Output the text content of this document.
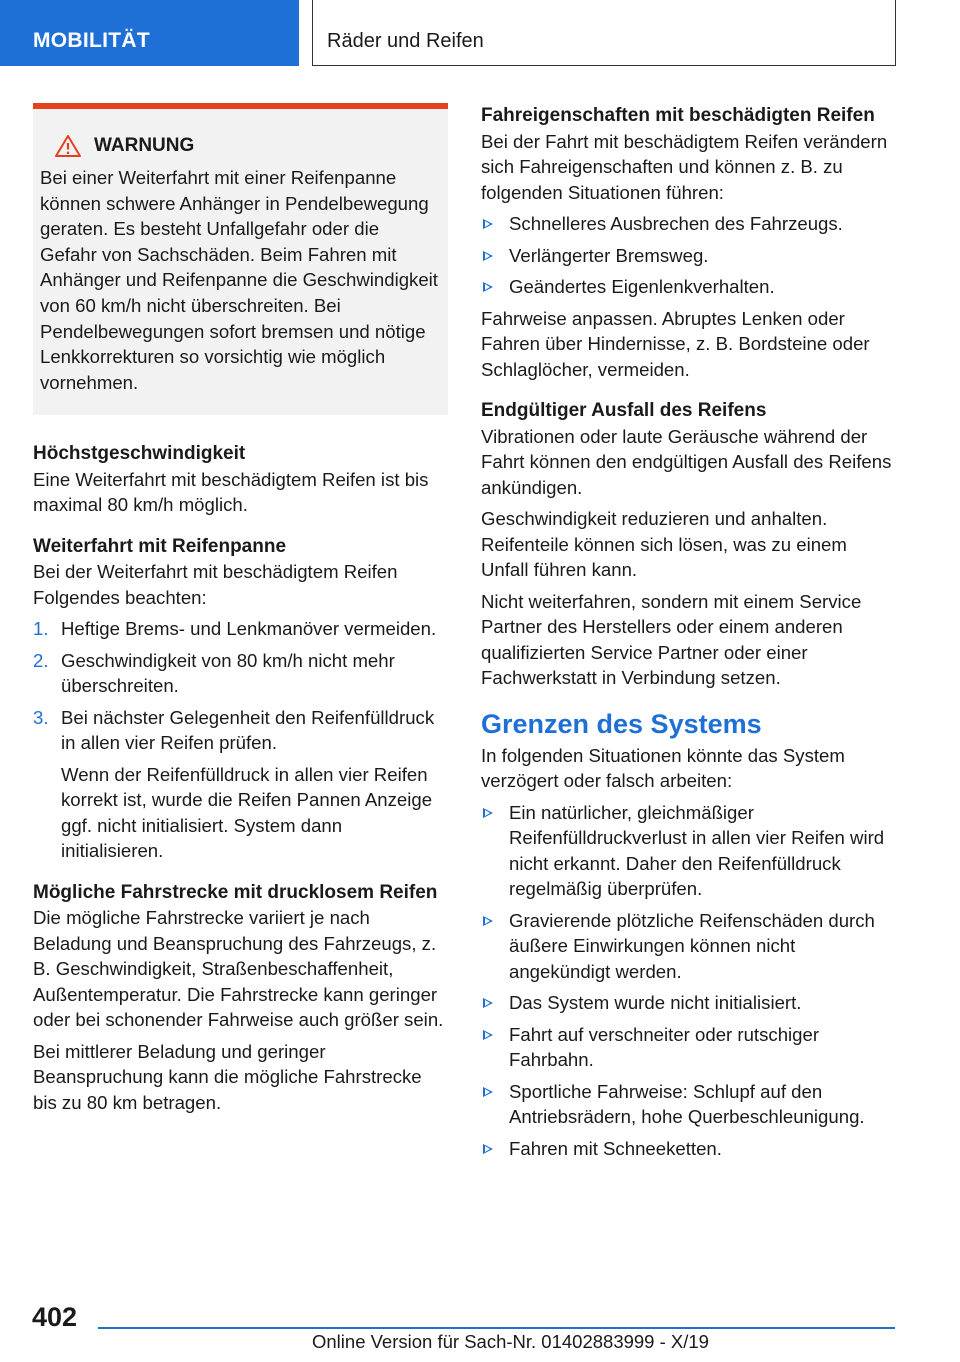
MOBILITÄT	Räder und Reifen
WARNUNG
Bei einer Weiterfahrt mit einer Reifenpanne können schwere Anhänger in Pendelbewegung geraten. Es besteht Unfallgefahr oder die Gefahr von Sachschäden. Beim Fahren mit Anhänger und Reifenpanne die Geschwindigkeit von 60 km/h nicht überschreiten. Bei Pendelbewegungen sofort bremsen und nötige Lenkkorrekturen so vorsichtig wie möglich vornehmen.
Höchstgeschwindigkeit
Eine Weiterfahrt mit beschädigtem Reifen ist bis maximal 80 km/h möglich.
Weiterfahrt mit Reifenpanne
Bei der Weiterfahrt mit beschädigtem Reifen Folgendes beachten:
1. Heftige Brems- und Lenkmanöver vermeiden.
2. Geschwindigkeit von 80 km/h nicht mehr überschreiten.
3. Bei nächster Gelegenheit den Reifenfülldruck in allen vier Reifen prüfen.
Wenn der Reifenfülldruck in allen vier Reifen korrekt ist, wurde die Reifen Pannen Anzeige ggf. nicht initialisiert. System dann initialisieren.
Mögliche Fahrstrecke mit drucklosem Reifen
Die mögliche Fahrstrecke variiert je nach Beladung und Beanspruchung des Fahrzeugs, z. B. Geschwindigkeit, Straßenbeschaffenheit, Außentemperatur. Die Fahrstrecke kann geringer oder bei schonender Fahrweise auch größer sein.
Bei mittlerer Beladung und geringer Beanspruchung kann die mögliche Fahrstrecke bis zu 80 km betragen.
Fahreigenschaften mit beschädigten Reifen
Bei der Fahrt mit beschädigtem Reifen verändern sich Fahreigenschaften und können z. B. zu folgenden Situationen führen:
Schnelleres Ausbrechen des Fahrzeugs.
Verlängerter Bremsweg.
Geändertes Eigenlenkverhalten.
Fahrweise anpassen. Abruptes Lenken oder Fahren über Hindernisse, z. B. Bordsteine oder Schlaglöcher, vermeiden.
Endgültiger Ausfall des Reifens
Vibrationen oder laute Geräusche während der Fahrt können den endgültigen Ausfall des Reifens ankündigen.
Geschwindigkeit reduzieren und anhalten. Reifenteile können sich lösen, was zu einem Unfall führen kann.
Nicht weiterfahren, sondern mit einem Service Partner des Herstellers oder einem anderen qualifizierten Service Partner oder einer Fachwerkstatt in Verbindung setzen.
Grenzen des Systems
In folgenden Situationen könnte das System verzögert oder falsch arbeiten:
Ein natürlicher, gleichmäßiger Reifenfülldruckverlust in allen vier Reifen wird nicht erkannt. Daher den Reifenfülldruck regelmäßig überprüfen.
Gravierende plötzliche Reifenschäden durch äußere Einwirkungen können nicht angekündigt werden.
Das System wurde nicht initialisiert.
Fahrt auf verschneiter oder rutschiger Fahrbahn.
Sportliche Fahrweise: Schlupf auf den Antriebsrädern, hohe Querbeschleunigung.
Fahren mit Schneeketten.
402
Online Version für Sach-Nr. 01402883999 - X/19
